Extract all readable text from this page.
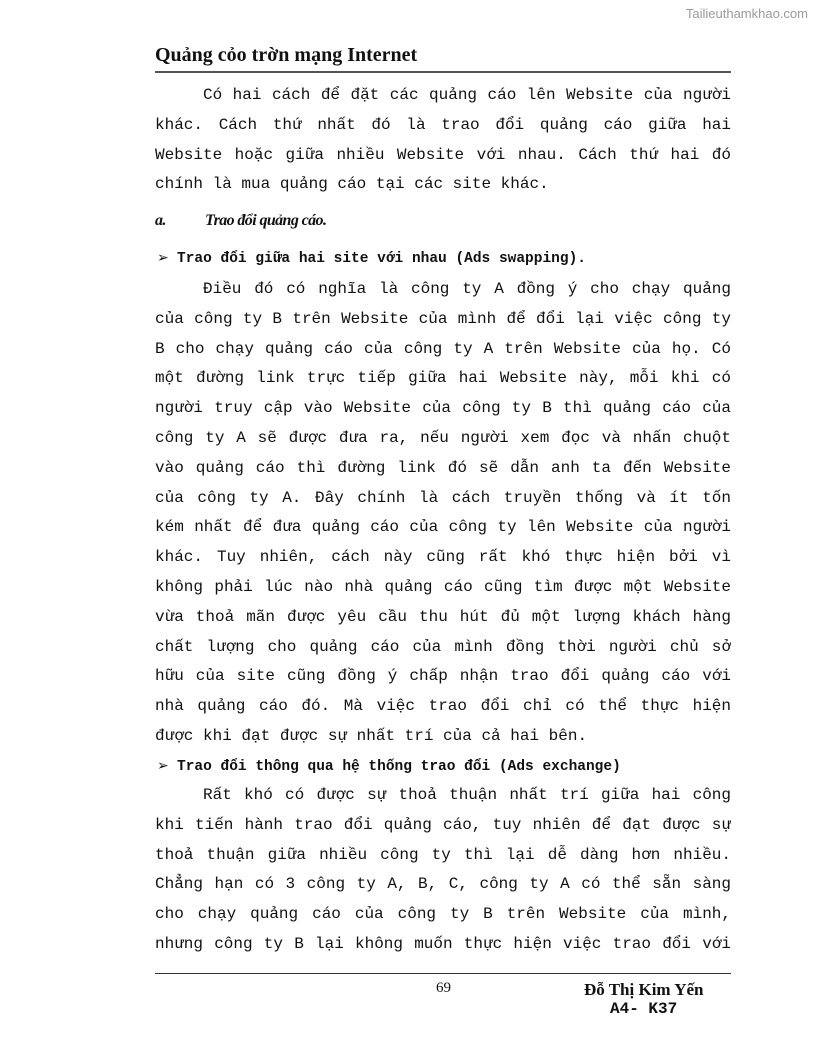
Tailieuthamkhao.com
Quảng cỏo trờn mạng Internet
Có hai cách để đặt các quảng cáo lên Website của người
khác. Cách thứ nhất đó là trao đổi quảng cáo giữa hai
Website hoặc giữa nhiều Website với nhau. Cách thứ hai đó
chính là mua quảng cáo tại các site khác.
a. Trao đổi quảng cáo.
➢ Trao đổi giữa hai site với nhau (Ads swapping).
Điều đó có nghĩa là công ty A đồng ý cho chạy quảng
của công ty B trên Website của mình để đổi lại việc công ty
B cho chạy quảng cáo của công ty A trên Website của họ. Có
một đường link trực tiếp giữa hai Website này, mỗi khi có
người truy cập vào Website của công ty B thì quảng cáo của
công ty A sẽ được đưa ra, nếu người xem đọc và nhấn chuột
vào quảng cáo thì đường link đó sẽ dẫn anh ta đến Website
của công ty A. Đây chính là cách truyền thống và ít tốn
kém nhất để đưa quảng cáo của công ty lên Website của người
khác. Tuy nhiên, cách này cũng rất khó thực hiện bởi vì
không phải lúc nào nhà quảng cáo cũng tìm được một Website
vừa thoả mãn được yêu cầu thu hút đủ một lượng khách hàng
chất lượng cho quảng cáo của mình đồng thời người chủ sở
hữu của site cũng đồng ý chấp nhận trao đổi quảng cáo với
nhà quảng cáo đó. Mà việc trao đổi chỉ có thể thực hiện
được khi đạt được sự nhất trí của cả hai bên.
➢ Trao đổi thông qua hệ thống trao đổi (Ads exchange)
Rất khó có được sự thoả thuận nhất trí giữa hai công
khi tiến hành trao đổi quảng cáo, tuy nhiên để đạt được sự
thoả thuận giữa nhiều công ty thì lại dễ dàng hơn nhiều.
Chẳng hạn có 3 công ty A, B, C, công ty A có thể sẵn sàng
cho chạy quảng cáo của công ty B trên Website của mình,
nhưng công ty B lại không muốn thực hiện việc trao đổi với
69	Đỗ Thị Kim Yến
A4- K37
